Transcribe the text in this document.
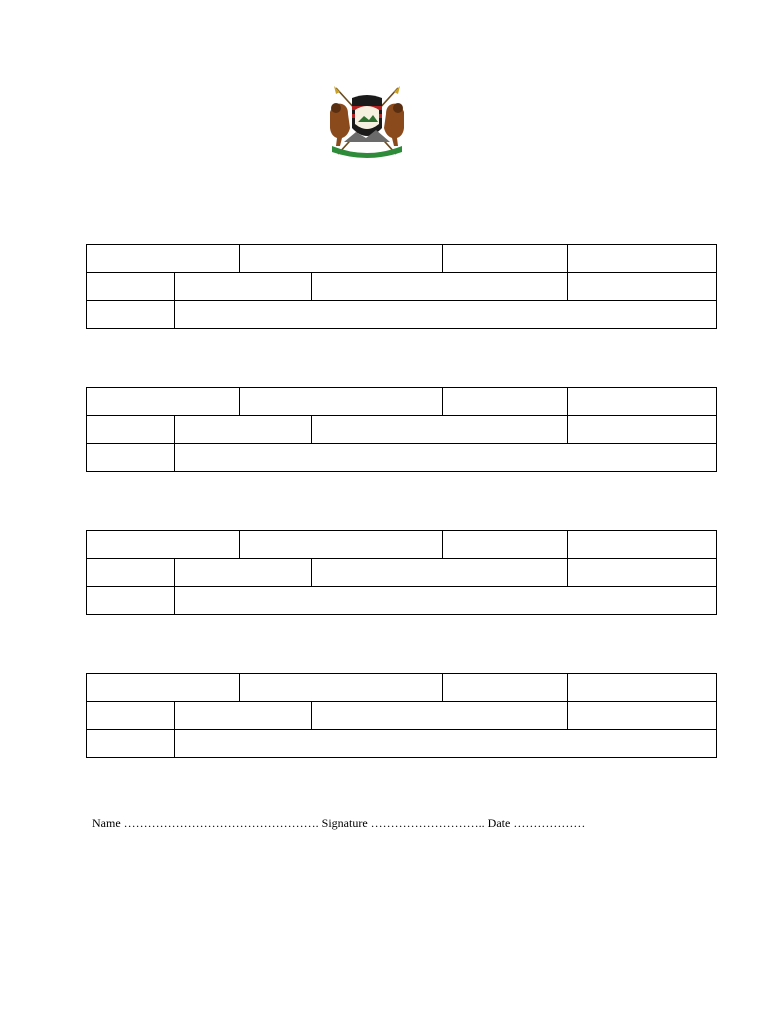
HARAMBEE

Name …………………………………………. Signature ……………………….. Date ………………
